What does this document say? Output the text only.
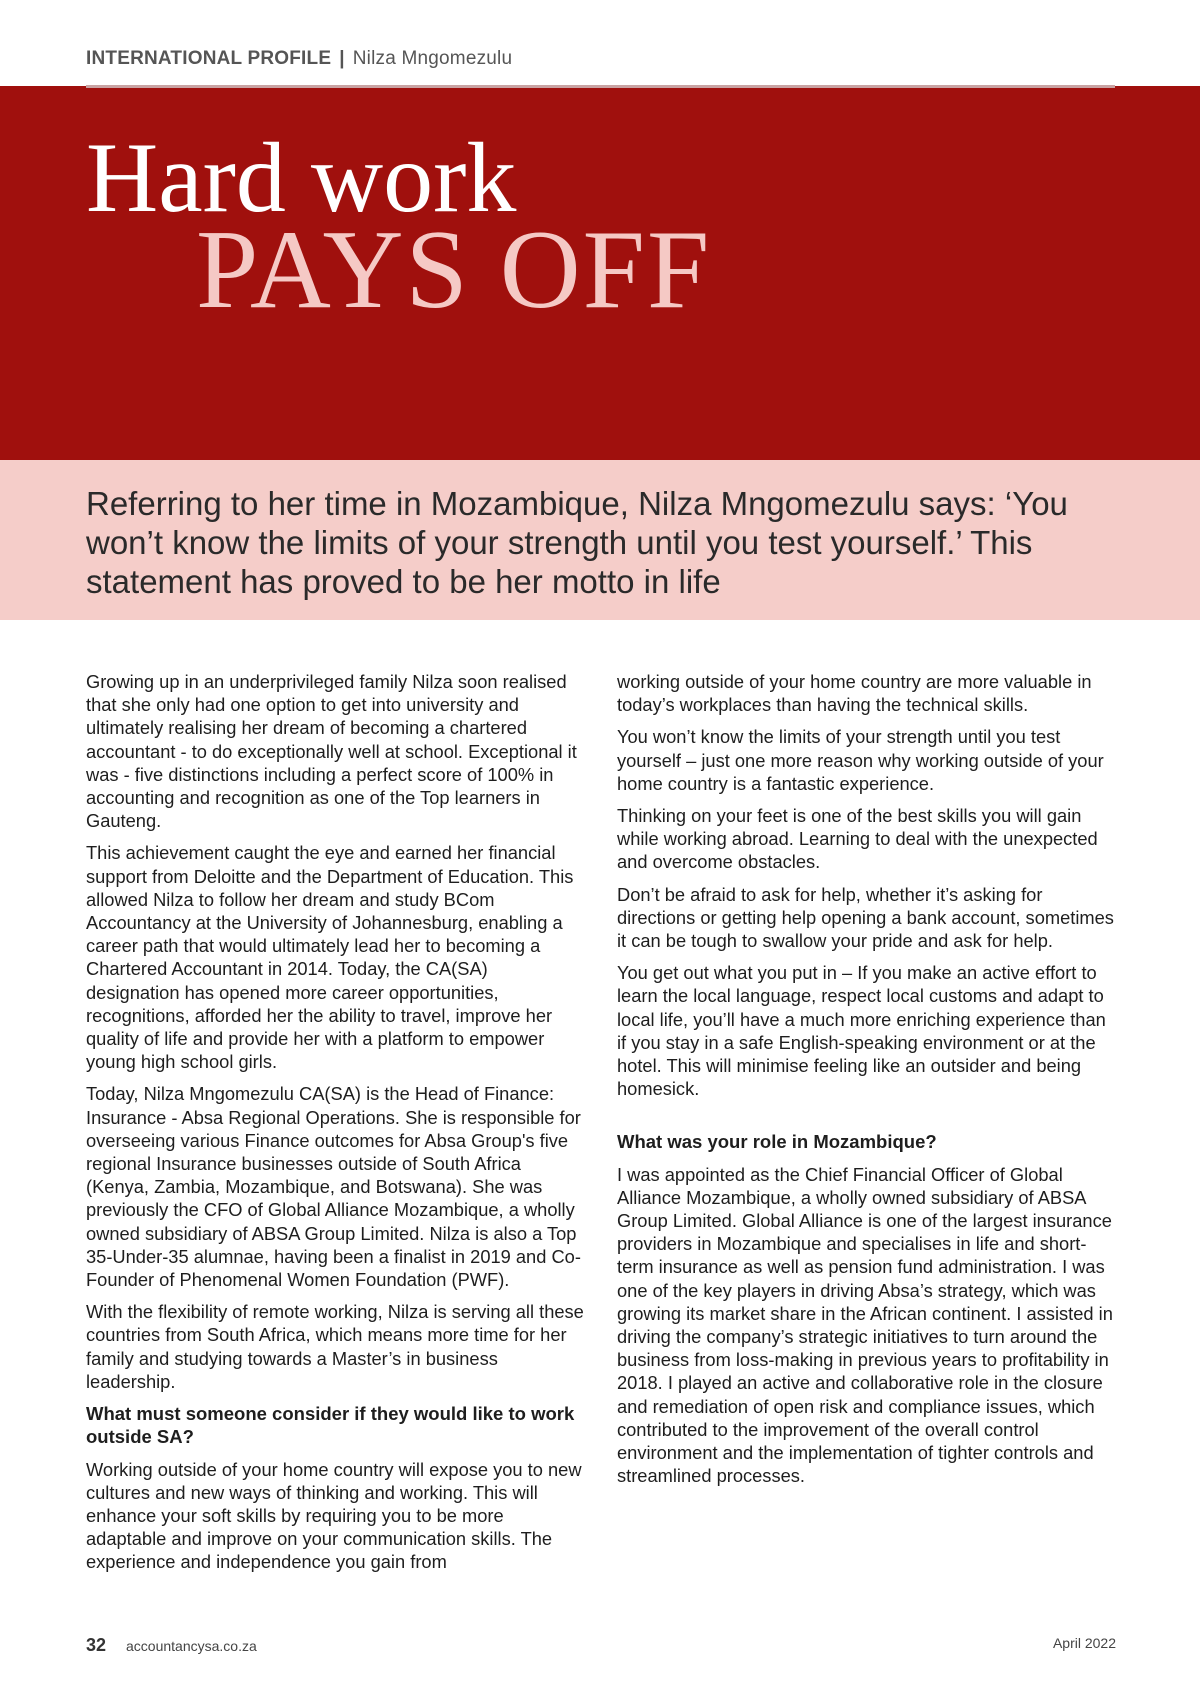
INTERNATIONAL PROFILE | Nilza Mngomezulu
Hard work
PAYS OFF

Referring to her time in Mozambique, Nilza Mngomezulu says: ‘You won’t know the limits of your strength until you test yourself.’ This statement has proved to be her motto in life

Growing up in an underprivileged family Nilza soon realised that she only had one option to get into university and ultimately realising her dream of becoming a chartered accountant - to do exceptionally well at school. Exceptional it was - five distinctions including a perfect score of 100% in accounting and recognition as one of the Top learners in Gauteng.

This achievement caught the eye and earned her financial support from Deloitte and the Department of Education. This allowed Nilza to follow her dream and study BCom Accountancy at the University of Johannesburg, enabling a career path that would ultimately lead her to becoming a Chartered Accountant in 2014. Today, the CA(SA) designation has opened more career opportunities, recognitions, afforded her the ability to travel, improve her quality of life and provide her with a platform to empower young high school girls.

Today, Nilza Mngomezulu CA(SA) is the Head of Finance: Insurance - Absa Regional Operations. She is responsible for overseeing various Finance outcomes for Absa Group's five regional Insurance businesses outside of South Africa (Kenya, Zambia, Mozambique, and Botswana). She was previously the CFO of Global Alliance Mozambique, a wholly owned subsidiary of ABSA Group Limited. Nilza is also a Top 35-Under-35 alumnae, having been a finalist in 2019 and Co-Founder of Phenomenal Women Foundation (PWF).

With the flexibility of remote working, Nilza is serving all these countries from South Africa, which means more time for her family and studying towards a Master’s in business leadership.

What must someone consider if they would like to work outside SA?

Working outside of your home country will expose you to new cultures and new ways of thinking and working. This will enhance your soft skills by requiring you to be more adaptable and improve on your communication skills. The experience and independence you gain from

working outside of your home country are more valuable in today’s workplaces than having the technical skills.

You won’t know the limits of your strength until you test yourself – just one more reason why working outside of your home country is a fantastic experience.

Thinking on your feet is one of the best skills you will gain while working abroad. Learning to deal with the unexpected and overcome obstacles.

Don’t be afraid to ask for help, whether it’s asking for directions or getting help opening a bank account, sometimes it can be tough to swallow your pride and ask for help.

You get out what you put in – If you make an active effort to learn the local language, respect local customs and adapt to local life, you’ll have a much more enriching experience than if you stay in a safe English-speaking environment or at the hotel. This will minimise feeling like an outsider and being homesick.

What was your role in Mozambique?

I was appointed as the Chief Financial Officer of Global Alliance Mozambique, a wholly owned subsidiary of ABSA Group Limited. Global Alliance is one of the largest insurance providers in Mozambique and specialises in life and short-term insurance as well as pension fund administration. I was one of the key players in driving Absa’s strategy, which was growing its market share in the African continent. I assisted in driving the company’s strategic initiatives to turn around the business from loss-making in previous years to profitability in 2018. I played an active and collaborative role in the closure and remediation of open risk and compliance issues, which contributed to the improvement of the overall control environment and the implementation of tighter controls and streamlined processes.

32 accountancysa.co.za	April 2022
